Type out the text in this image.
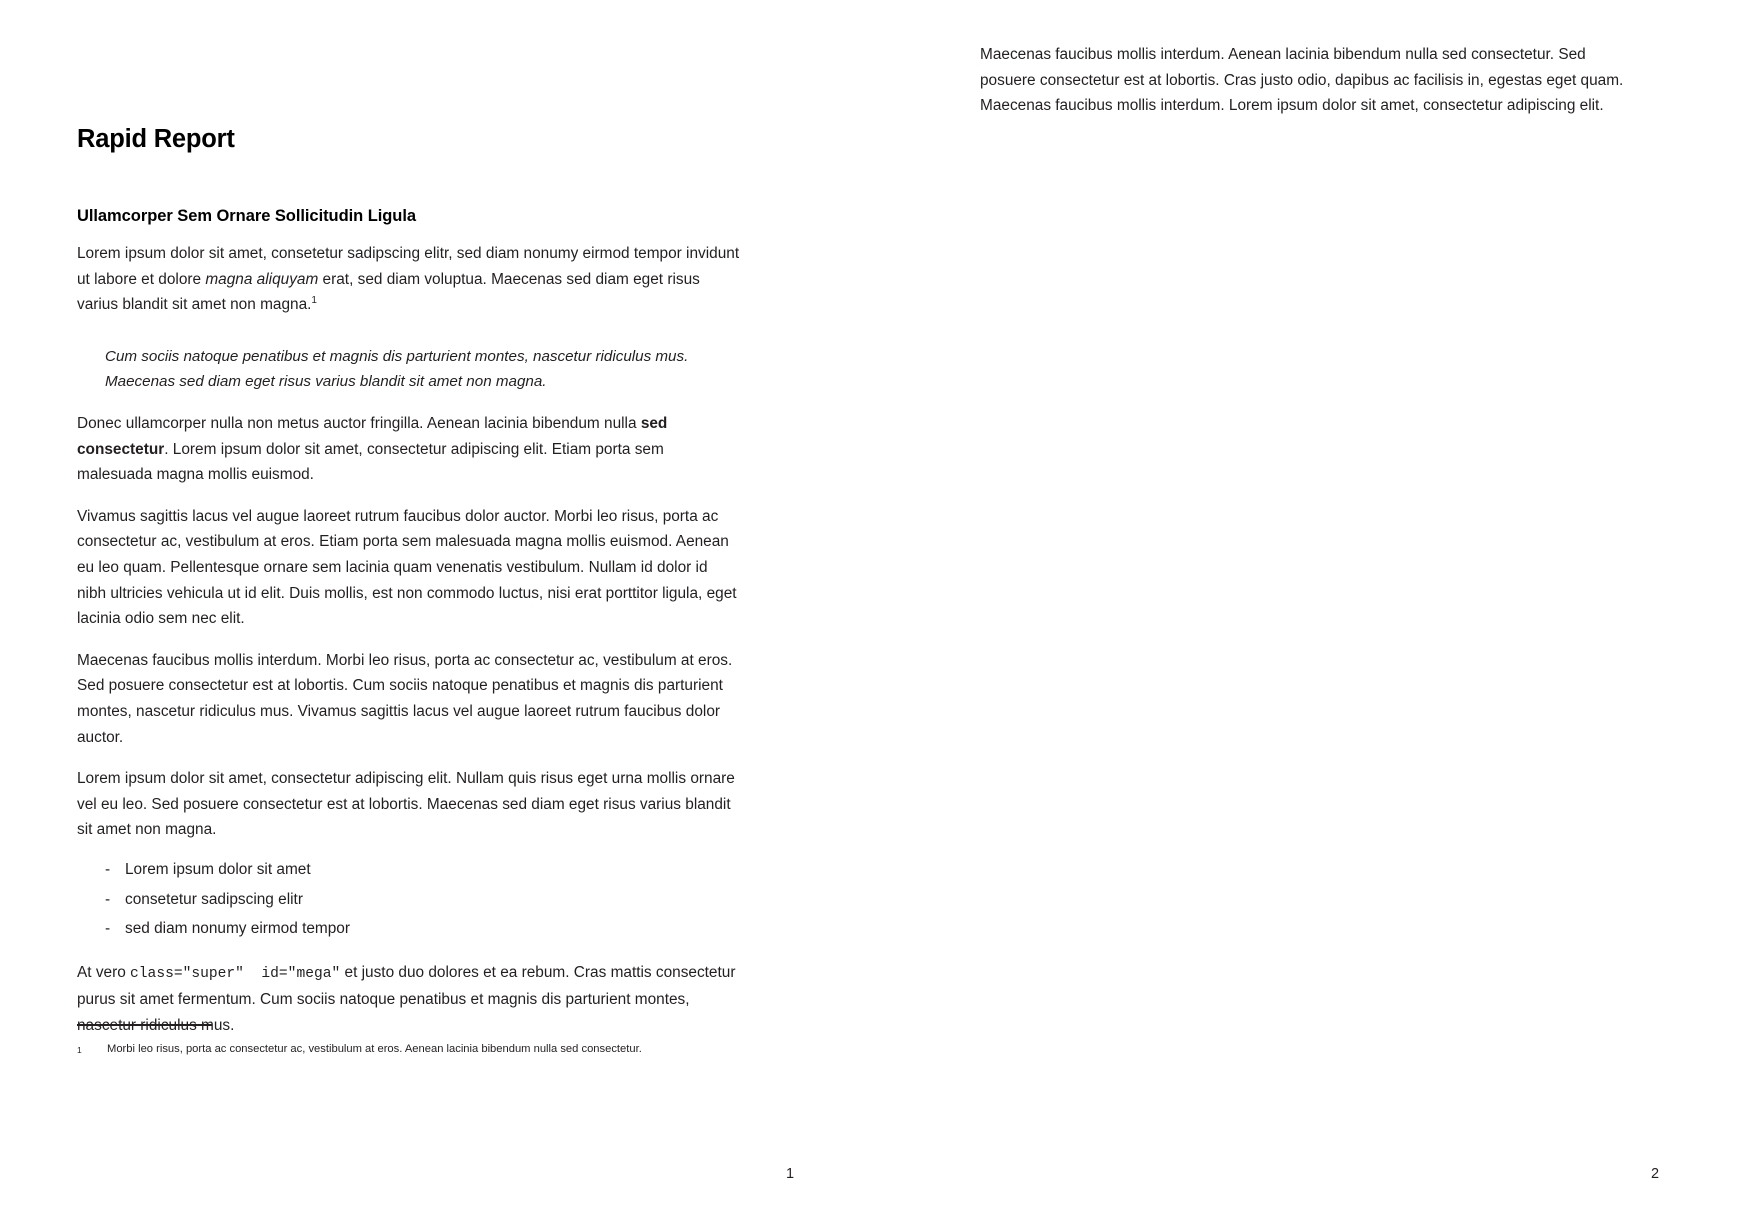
Rapid Report
Ullamcorper Sem Ornare Sollicitudin Ligula

Lorem ipsum dolor sit amet, consetetur sadipscing elitr, sed diam nonumy eirmod tempor invidunt ut labore et dolore magna aliquyam erat, sed diam voluptua. Maecenas sed diam eget risus varius blandit sit amet non magna.$^1$

Cum sociis natoque penatibus et magnis dis parturient montes, nascetur ridiculus mus. Maecenas sed diam eget risus varius blandit sit amet non magna.

Donec ullamcorper nulla non metus auctor fringilla. Aenean lacinia bibendum nulla sed consectetur. Lorem ipsum dolor sit amet, consectetur adipiscing elit. Etiam porta sem malesuada magna mollis euismod.

Vivamus sagittis lacus vel augue laoreet rutrum faucibus dolor auctor. Morbi leo risus, porta ac consectetur ac, vestibulum at eros. Etiam porta sem malesuada magna mollis euismod. Aenean eu leo quam. Pellentesque ornare sem lacinia quam venenatis vestibulum. Nullam id dolor id nibh ultricies vehicula ut id elit. Duis mollis, est non commodo luctus, nisi erat porttitor ligula, eget lacinia odio sem nec elit.

Maecenas faucibus mollis interdum. Morbi leo risus, porta ac consectetur ac, vestibulum at eros. Sed posuere consectetur est at lobortis. Cum sociis natoque penatibus et magnis dis parturient montes, nascetur ridiculus mus. Vivamus sagittis lacus vel augue laoreet rutrum faucibus dolor auctor.

Lorem ipsum dolor sit amet, consectetur adipiscing elit. Nullam quis risus eget urna mollis ornare vel eu leo. Sed posuere consectetur est at lobortis. Maecenas sed diam eget risus varius blandit sit amet non magna.

- Lorem ipsum dolor sit amet
- consetetur sadipscing elitr
- sed diam nonumy eirmod tempor

At vero class="super"  id="mega" et justo duo dolores et ea rebum. Cras mattis consectetur purus sit amet fermentum. Cum sociis natoque penatibus et magnis dis parturient montes, nascetur ridiculus mus.

1	Morbi leo risus, porta ac consectetur ac, vestibulum at eros. Aenean lacinia bibendum nulla sed consectetur.

Maecenas faucibus mollis interdum. Aenean lacinia bibendum nulla sed consectetur. Sed posuere consectetur est at lobortis. Cras justo odio, dapibus ac facilisis in, egestas eget quam. Maecenas faucibus mollis interdum. Lorem ipsum dolor sit amet, consectetur adipiscing elit.

1	2
